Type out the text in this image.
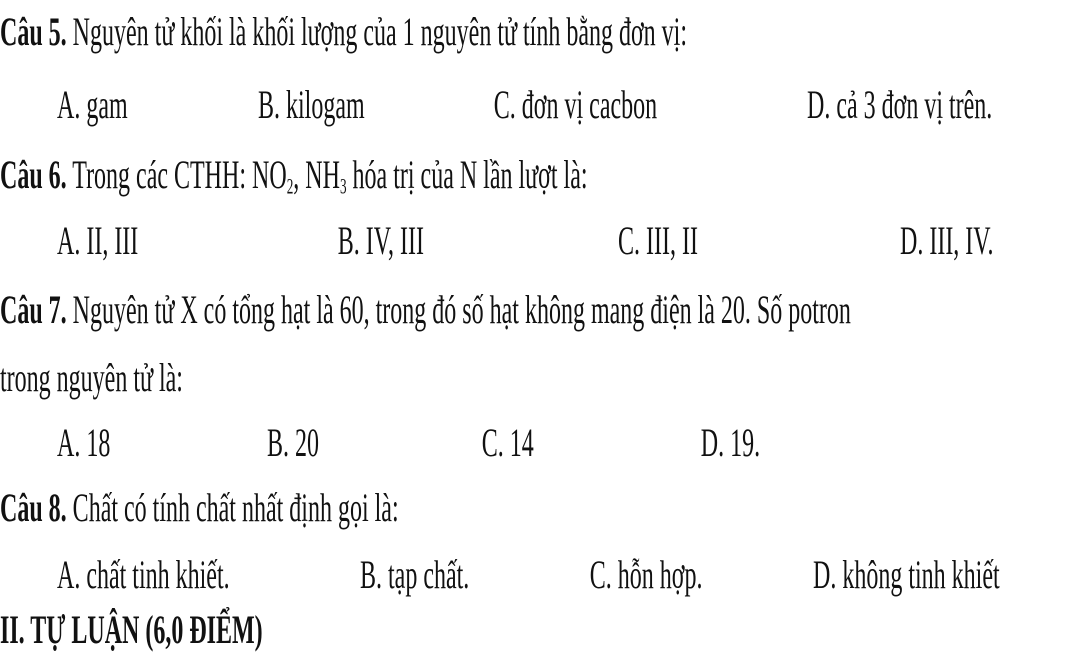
Câu 5. Nguyên tử khối là khối lượng của 1 nguyên tử tính bằng đơn vị:
A. gam	B. kilogam	C. đơn vị cacbon	D. cả 3 đơn vị trên.
Câu 6. Trong các CTHH: $NO_2$, $NH_3$ hóa trị của N lần lượt là:
A. II, III	B. IV, III	C. III, II	D. III, IV.
Câu 7. Nguyên tử X có tổng hạt là 60, trong đó số hạt không mang điện là 20. Số potron
trong nguyên tử là:
A. 18	B. 20	C. 14	D. 19.
Câu 8. Chất có tính chất nhất định gọi là:
A. chất tinh khiết.	B. tạp chất.	C. hỗn hợp.	D. không tinh khiết
II. TỰ LUẬN (6,0 ĐIỂM)
